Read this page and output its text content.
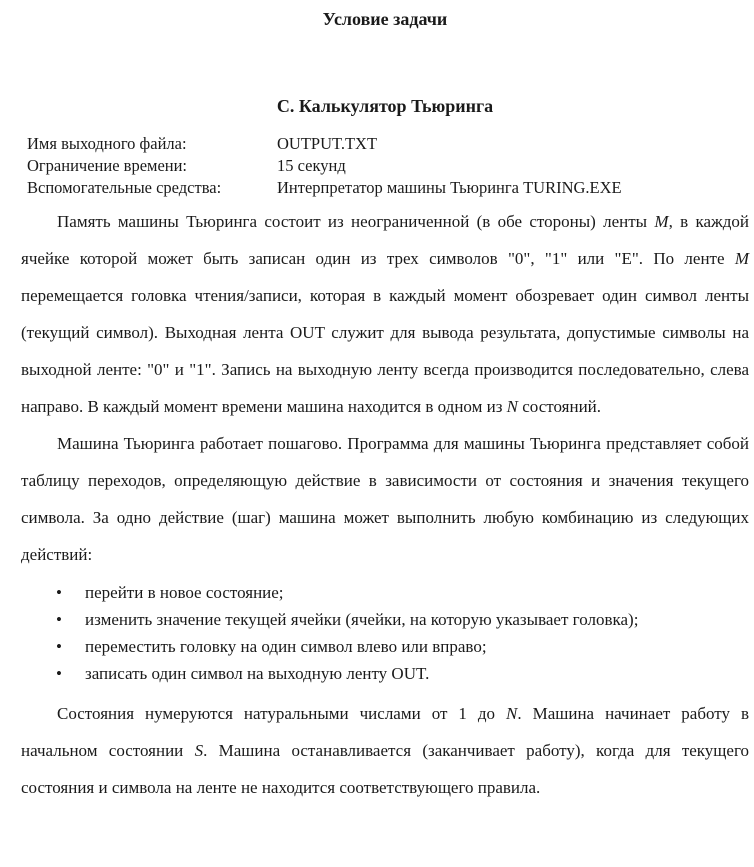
Условие задачи
С. Калькулятор Тьюринга
Имя выходного файла:	OUTPUT.TXT
Ограничение времени:	15 секунд
Вспомогательные средства:	Интерпретатор машины Тьюринга TURING.EXE

Память машины Тьюринга состоит из неограниченной (в обе стороны) ленты M, в каждой ячейке которой может быть записан один из трех символов "0", "1" или "E". По ленте M перемещается головка чтения/записи, которая в каждый момент обозревает один символ ленты (текущий символ). Выходная лента OUT служит для вывода результата, допустимые символы на выходной ленте: "0" и "1". Запись на выходную ленту всегда производится последовательно, слева направо. В каждый момент времени машина находится в одном из N состояний.

Машина Тьюринга работает пошагово. Программа для машины Тьюринга представляет собой таблицу переходов, определяющую действие в зависимости от состояния и значения текущего символа. За одно действие (шаг) машина может выполнить любую комбинацию из следующих действий:

• перейти в новое состояние;
• изменить значение текущей ячейки (ячейки, на которую указывает головка);
• переместить головку на один символ влево или вправо;
• записать один символ на выходную ленту OUT.

Состояния нумеруются натуральными числами от 1 до N. Машина начинает работу в начальном состоянии S. Машина останавливается (заканчивает работу), когда для текущего состояния и символа на ленте не находится соответствующего правила.
